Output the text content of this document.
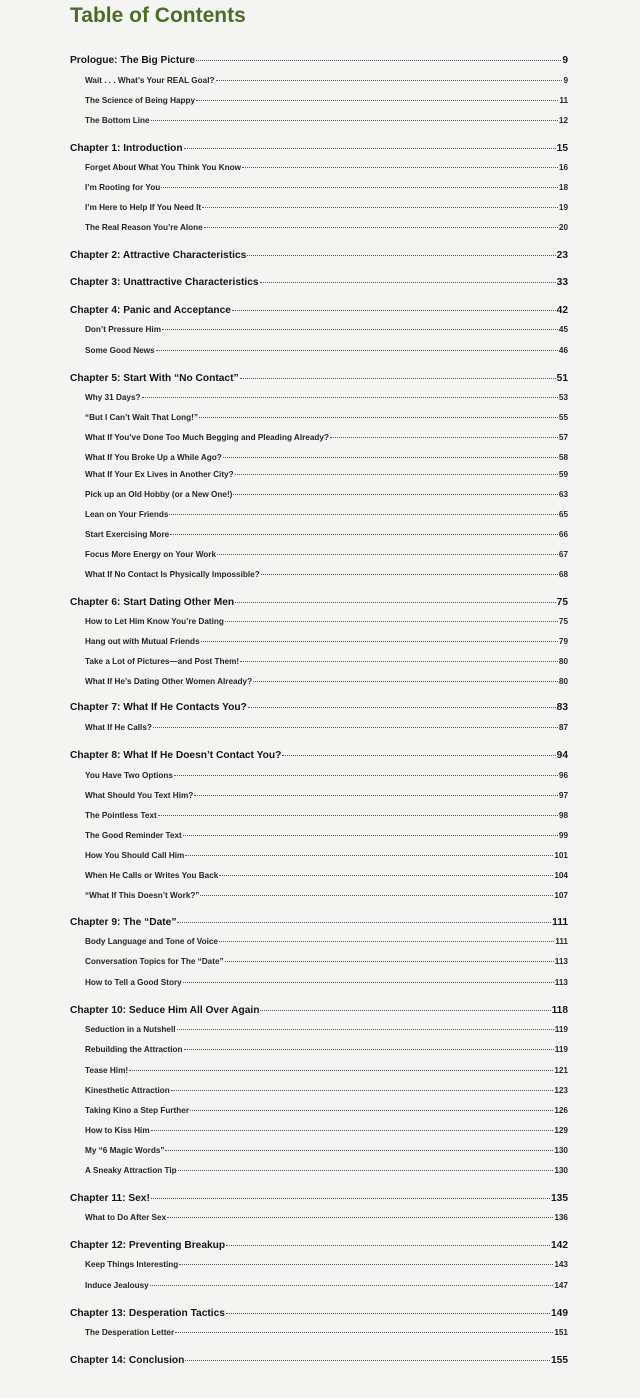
Table of Contents
Prologue: The Big Picture	9
Wait . . . What’s Your REAL Goal?	9
The Science of Being Happy	11
The Bottom Line	12
Chapter 1: Introduction	15
Forget About What You Think You Know	16
I’m Rooting for You	18
I’m Here to Help If You Need It	19
The Real Reason You’re Alone	20
Chapter 2: Attractive Characteristics	23
Chapter 3: Unattractive Characteristics	33
Chapter 4: Panic and Acceptance	42
Don’t Pressure Him	45
Some Good News	46
Chapter 5: Start With “No Contact”	51
Why 31 Days?	53
“But I Can’t Wait That Long!”	55
What If You’ve Done Too Much Begging and Pleading Already?	57
What If You Broke Up a While Ago?	58
What If Your Ex Lives in Another City?	59
Pick up an Old Hobby (or a New One!)	63
Lean on Your Friends	65
Start Exercising More	66
Focus More Energy on Your Work	67
What If No Contact Is Physically Impossible?	68
Chapter 6: Start Dating Other Men	75
How to Let Him Know You’re Dating	75
Hang out with Mutual Friends	79
Take a Lot of Pictures—and Post Them!	80
What If He’s Dating Other Women Already?	80
Chapter 7: What If He Contacts You?	83
What If He Calls?	87
Chapter 8: What If He Doesn’t Contact You?	94
You Have Two Options	96
What Should You Text Him?	97
The Pointless Text	98
The Good Reminder Text	99
How You Should Call Him	101
When He Calls or Writes You Back	104
“What If This Doesn’t Work?”	107
Chapter 9: The “Date”	111
Body Language and Tone of Voice	111
Conversation Topics for The “Date”	113
How to Tell a Good Story	113
Chapter 10: Seduce Him All Over Again	118
Seduction in a Nutshell	119
Rebuilding the Attraction	119
Tease Him!	121
Kinesthetic Attraction	123
Taking Kino a Step Further	126
How to Kiss Him	129
My “6 Magic Words”	130
A Sneaky Attraction Tip	130
Chapter 11: Sex!	135
What to Do After Sex	136
Chapter 12: Preventing Breakup	142
Keep Things Interesting	143
Induce Jealousy	147
Chapter 13: Desperation Tactics	149
The Desperation Letter	151
Chapter 14: Conclusion	155
